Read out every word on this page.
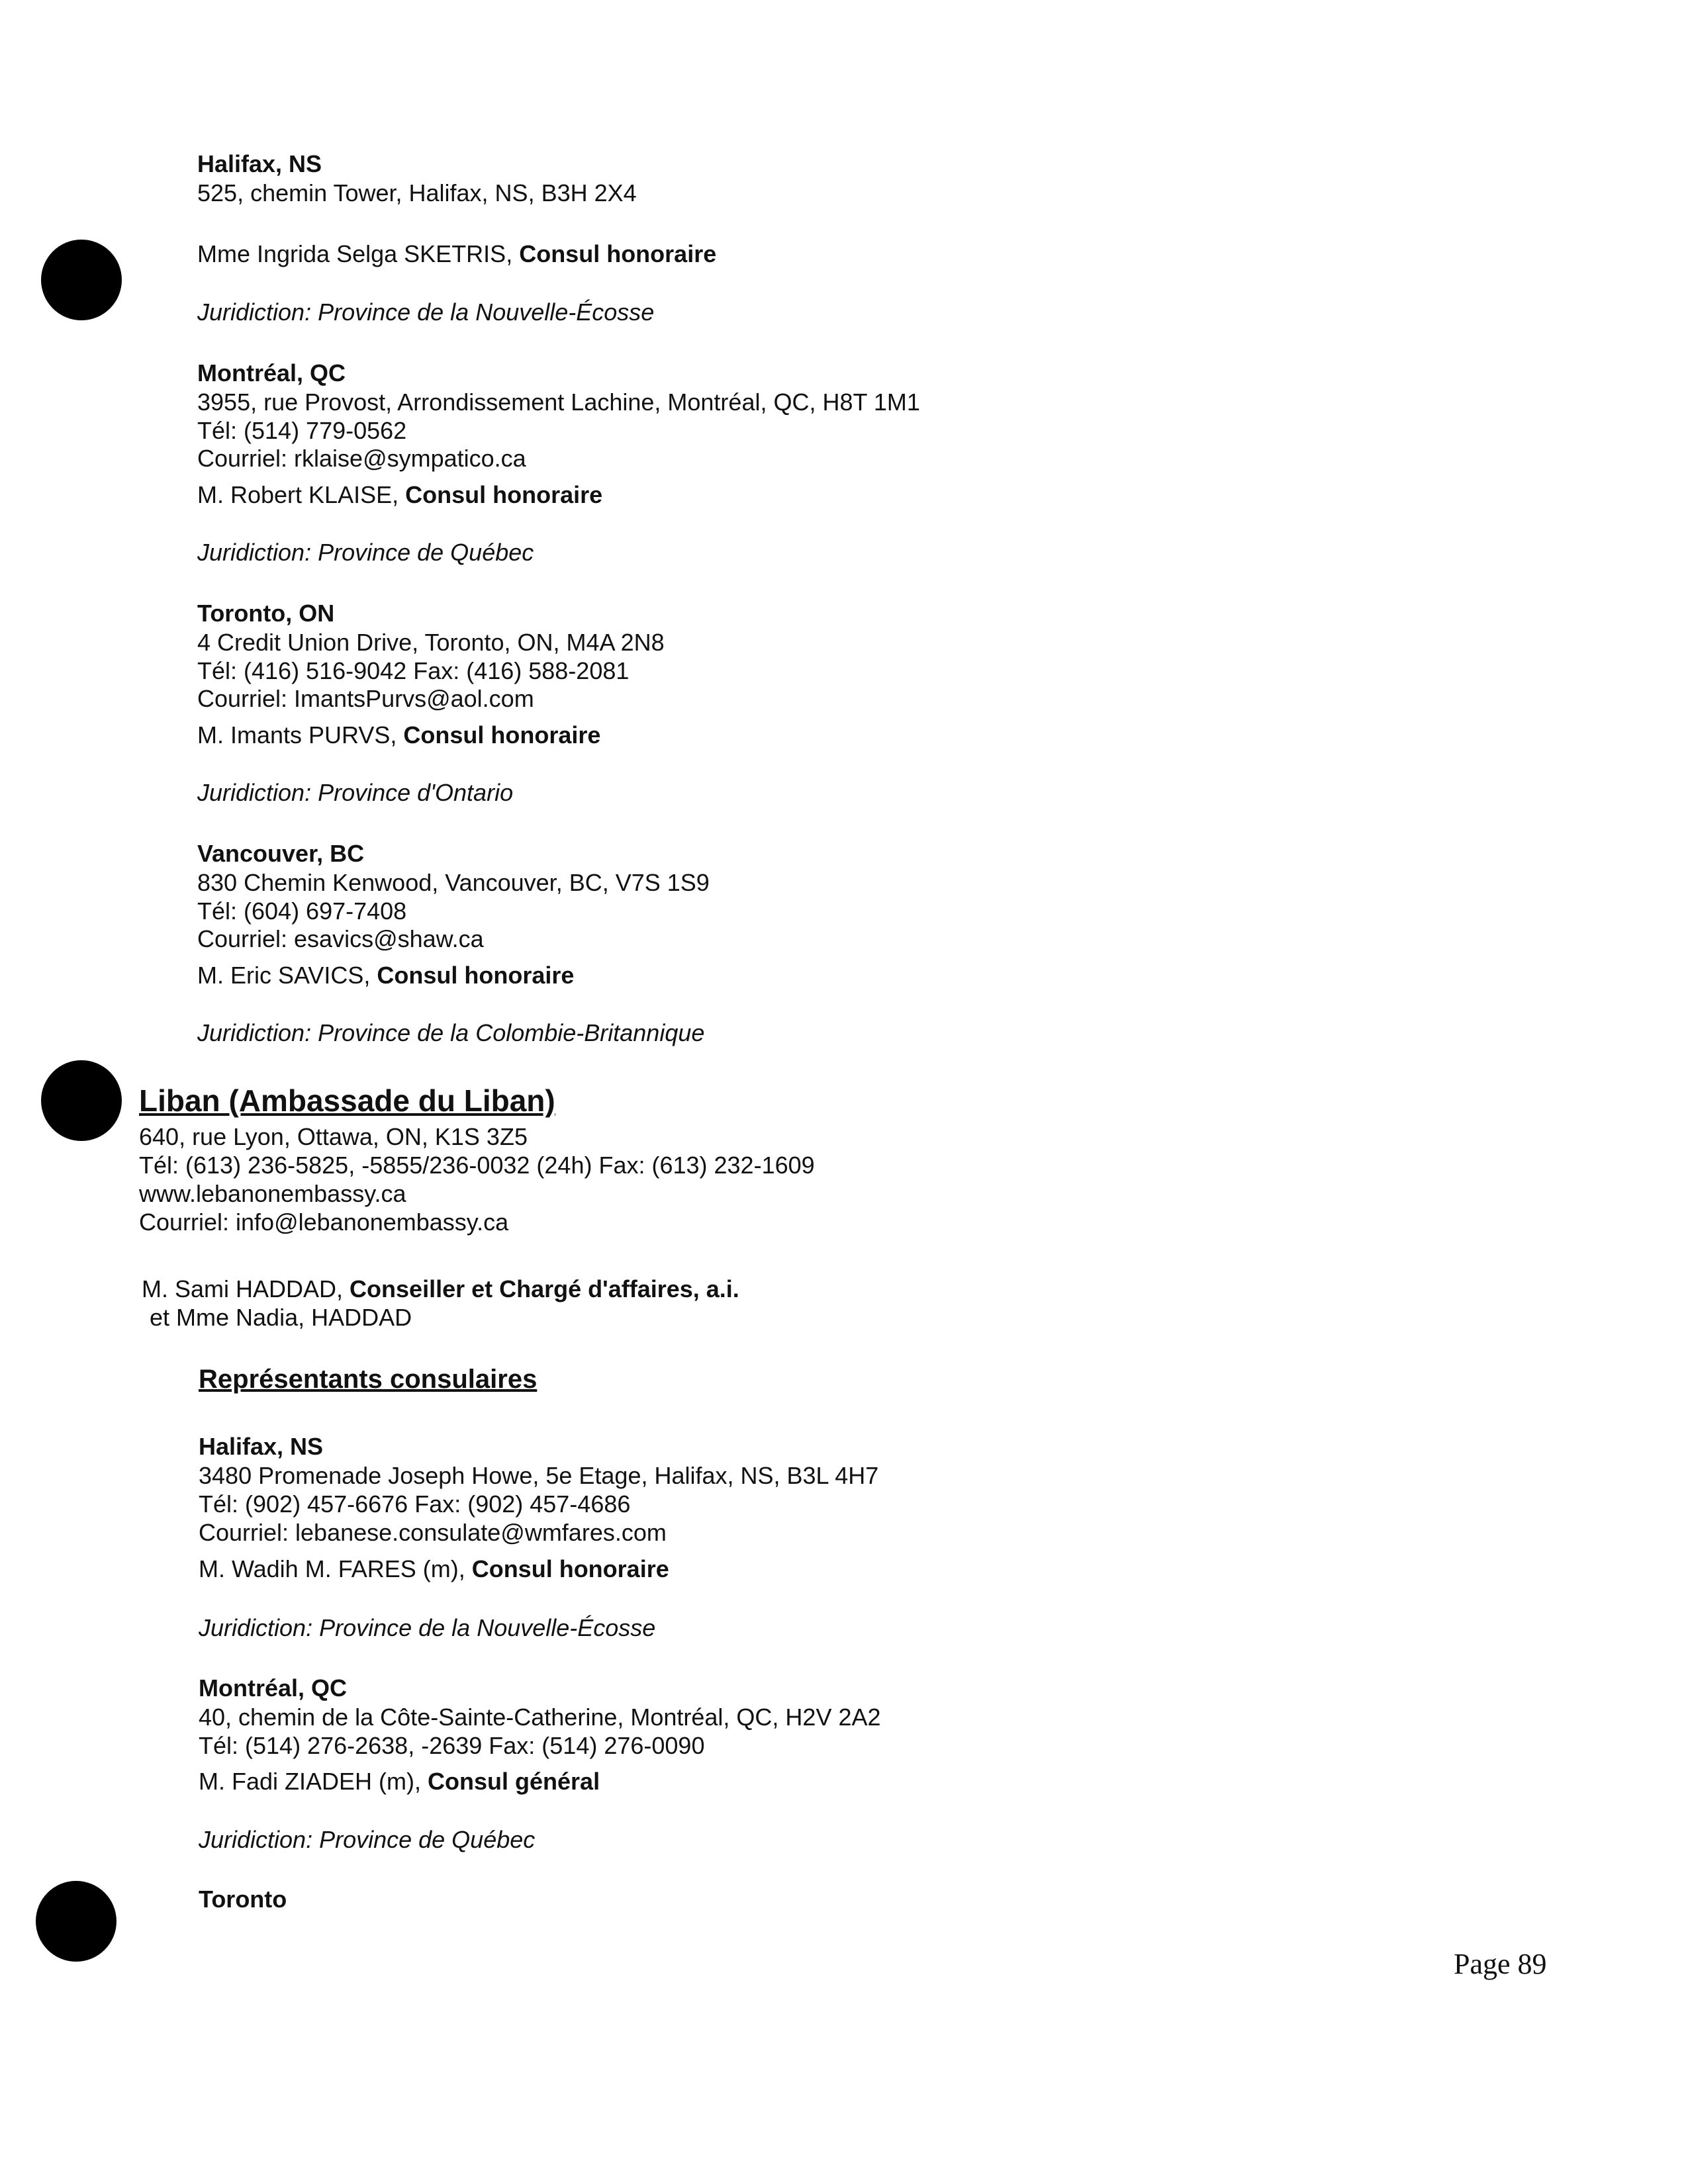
Halifax, NS
525, chemin Tower, Halifax, NS, B3H 2X4
Mme Ingrida Selga SKETRIS, Consul honoraire
Juridiction: Province de la Nouvelle-Écosse
Montréal, QC
3955, rue Provost, Arrondissement Lachine, Montréal, QC, H8T 1M1
Tél: (514) 779-0562
Courriel: rklaise@sympatico.ca
M. Robert KLAISE, Consul honoraire
Juridiction: Province de Québec
Toronto, ON
4 Credit Union Drive, Toronto, ON, M4A 2N8
Tél: (416) 516-9042 Fax: (416) 588-2081
Courriel: ImantsPurvs@aol.com
M. Imants PURVS, Consul honoraire
Juridiction: Province d'Ontario
Vancouver, BC
830 Chemin Kenwood, Vancouver, BC, V7S 1S9
Tél: (604) 697-7408
Courriel: esavics@shaw.ca
M. Eric SAVICS, Consul honoraire
Juridiction: Province de la Colombie-Britannique
Liban (Ambassade du Liban)
640, rue Lyon, Ottawa, ON, K1S 3Z5
Tél: (613) 236-5825, -5855/236-0032 (24h) Fax: (613) 232-1609
www.lebanonembassy.ca
Courriel: info@lebanonembassy.ca
M. Sami HADDAD, Conseiller et Chargé d'affaires, a.i.
et Mme Nadia, HADDAD
Représentants consulaires
Halifax, NS
3480 Promenade Joseph Howe, 5e Etage, Halifax, NS, B3L 4H7
Tél: (902) 457-6676 Fax: (902) 457-4686
Courriel: lebanese.consulate@wmfares.com
M. Wadih M. FARES (m), Consul honoraire
Juridiction: Province de la Nouvelle-Écosse
Montréal, QC
40, chemin de la Côte-Sainte-Catherine, Montréal, QC, H2V 2A2
Tél: (514) 276-2638, -2639 Fax: (514) 276-0090
M. Fadi ZIADEH (m), Consul général
Juridiction: Province de Québec
Toronto
Page 89
